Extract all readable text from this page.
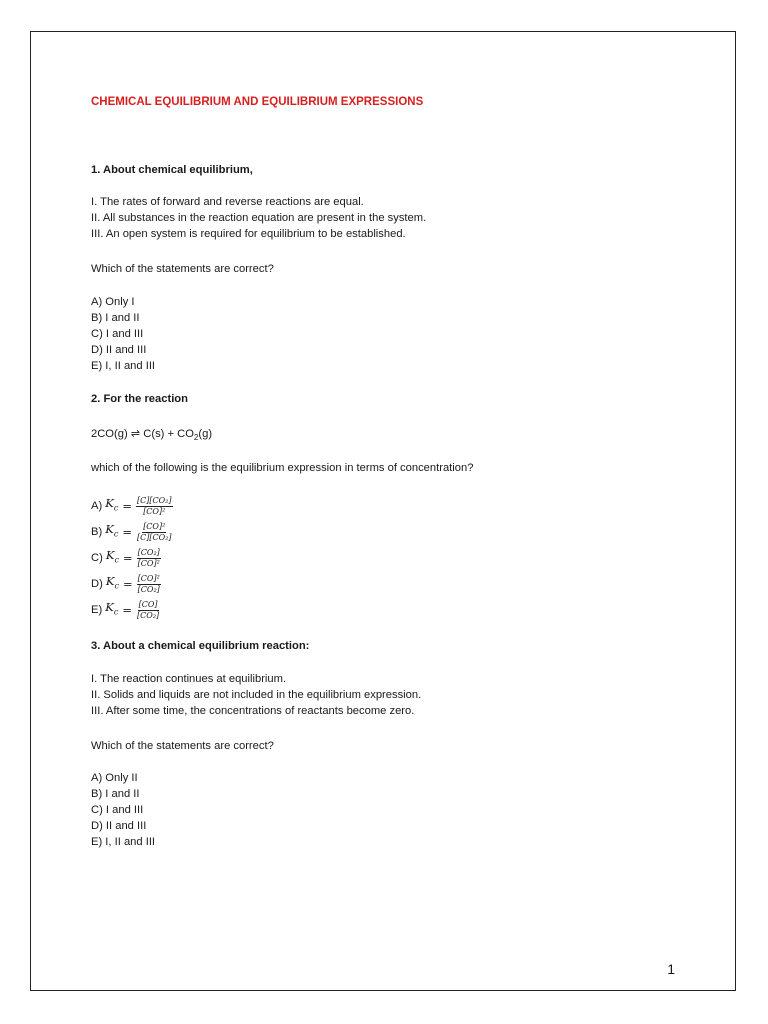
CHEMICAL EQUILIBRIUM AND EQUILIBRIUM EXPRESSIONS
1. About chemical equilibrium,
I. The rates of forward and reverse reactions are equal.
II. All substances in the reaction equation are present in the system.
III. An open system is required for equilibrium to be established.
Which of the statements are correct?
A) Only I
B) I and II
C) I and III
D) II and III
E) I, II and III
2. For the reaction
2CO(g) ⇌ $C(s) + CO_2(g)$
which of the following is the equilibrium expression in terms of concentration?
A)
$K_c = \frac{\text{[C][CO₂]}}{\text{[CO]²}}$
B)
$K_c = \frac{\text{[CO]²}}{\text{[C][CO₂]}}$
C)
$K_c = \frac{\text{[CO₂]}}{\text{[CO]²}}$
D)
$K_c = \frac{\text{[CO]²}}{\text{[CO₂]}}$
E)
$K_c = \frac{[CO]}{\text{[CO₂]}}$
3. About a chemical equilibrium reaction:
I. The reaction continues at equilibrium.
II. Solids and liquids are not included in the equilibrium expression.
III. After some time, the concentrations of reactants become zero.
Which of the statements are correct?
A) Only II
B) I and II
C) I and III
D) II and III
E) I, II and III
1
